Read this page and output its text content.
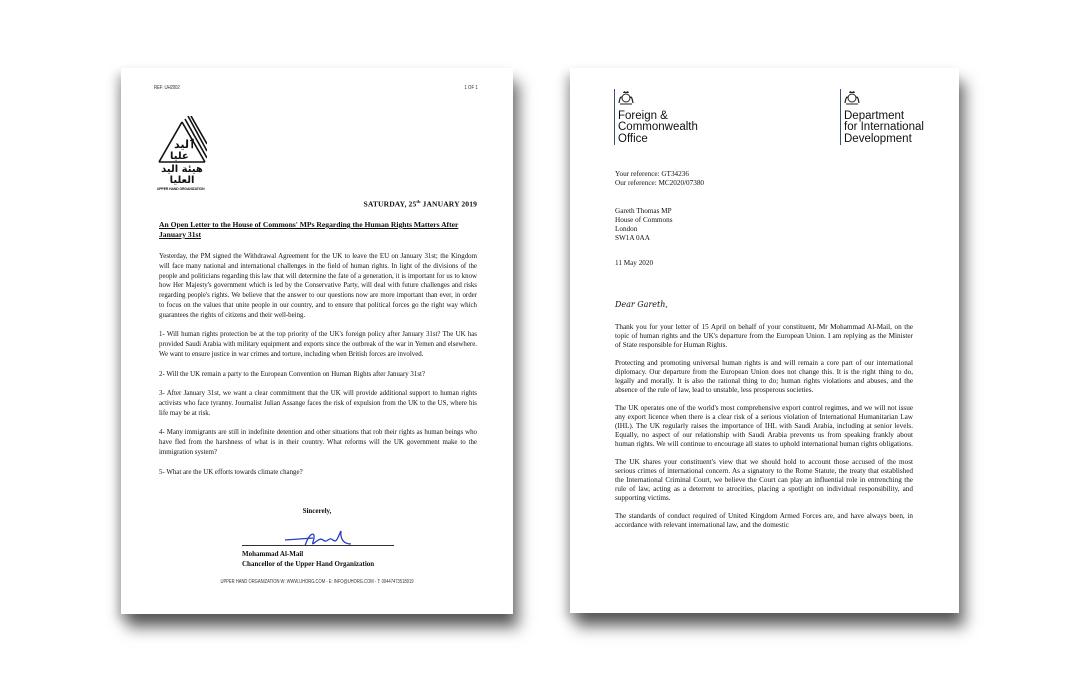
REF: UH2002	1 OF 1
ٱلید
علیا
هيئة اليد العليا
UPPER HAND ORGANIZATION
SATURDAY, 25th JANUARY 2019
An Open Letter to the House of Commons' MPs Regarding the Human Rights Matters After January 31st

Yesterday, the PM signed the Withdrawal Agreement for the UK to leave the EU on January 31st; the Kingdom will face many national and international challenges in the field of human rights. In light of the divisions of the people and politicians regarding this law that will determine the fate of a generation, it is important for us to know how Her Majesty's government which is led by the Conservative Party, will deal with future challenges and risks regarding people's rights. We believe that the answer to our questions now are more important than ever, in order to focus on the values that unite people in our country, and to ensure that political forces go the right way which guarantees the rights of citizens and their well-being.

1- Will human rights protection be at the top priority of the UK's foreign policy after January 31st? The UK has provided Saudi Arabia with military equipment and exports since the outbreak of the war in Yemen and elsewhere. We want to ensure justice in war crimes and torture, including when British forces are involved.

2- Will the UK remain a party to the European Convention on Human Rights after January 31st?

3- After January 31st, we want a clear commitment that the UK will provide additional support to human rights activists who face tyranny. Journalist Julian Assange faces the risk of expulsion from the UK to the US, where his life may be at risk.

4- Many immigrants are still in indefinite detention and other situations that rob their rights as human beings who have fled from the harshness of what is in their country. What reforms will the UK government make to the immigration system?

5- What are the UK efforts towards climate change?

Sincerely,
Mohammad Al-Mail
Chancellor of the Upper Hand Organization
UPPER HAND ORGANIZATION W: WWW.UHORG.COM - E: INFO@UHORG.COM - T: 00447473518919
Foreign &
Commonwealth
Office
Department
for International
Development
Your reference: GT34236
Our reference: MC2020/07380
Gareth Thomas MP
House of Commons
London
SW1A 0AA
11 May 2020
Dear Gareth,

Thank you for your letter of 15 April on behalf of your constituent, Mr Mohammad Al-Mail, on the topic of human rights and the UK's departure from the European Union. I am replying as the Minister of State responsible for Human Rights.

Protecting and promoting universal human rights is and will remain a core part of our international diplomacy. Our departure from the European Union does not change this. It is the right thing to do, legally and morally. It is also the rational thing to do; human rights violations and abuses, and the absence of the rule of law, lead to unstable, less prosperous societies.

The UK operates one of the world's most comprehensive export control regimes, and we will not issue any export licence when there is a clear risk of a serious violation of International Humanitarian Law (IHL). The UK regularly raises the importance of IHL with Saudi Arabia, including at senior levels. Equally, no aspect of our relationship with Saudi Arabia prevents us from speaking frankly about human rights. We will continue to encourage all states to uphold international human rights obligations.

The UK shares your constituent's view that we should hold to account those accused of the most serious crimes of international concern. As a signatory to the Rome Statute, the treaty that established the International Criminal Court, we believe the Court can play an influential role in entrenching the rule of law, acting as a deterrent to atrocities, placing a spotlight on individual responsibility, and supporting victims.

The standards of conduct required of United Kingdom Armed Forces are, and have always been, in accordance with relevant international law, and the domestic
